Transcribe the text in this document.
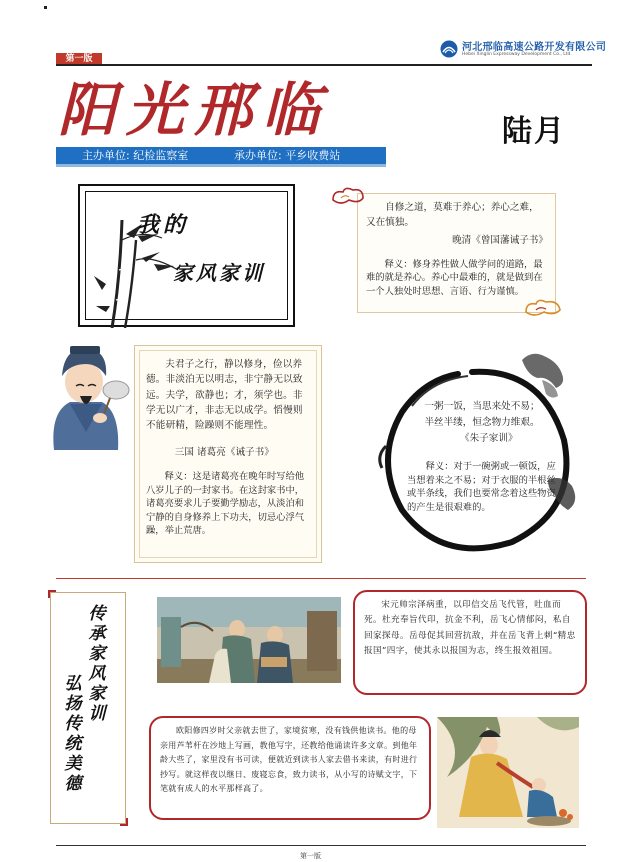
第一版
河北邢临高速公路开发有限公司
Hebei Xinglin Expressway Development Co., Ltd.
阳光邢临	陆月
主办单位: 纪检监察室	承办单位: 平乡收费站
我的
家风家训
自修之道，莫难于养心；养心之难，又在慎独。
晚清《曾国藩诫子书》
释义：修身养性做人做学问的道路，最难的就是养心。养心中最难的，就是做到在一个人独处时思想、言语、行为谨慎。
夫君子之行，静以修身，俭以养德。非淡泊无以明志，非宁静无以致远。夫学，欲静也；才，须学也。非学无以广才，非志无以成学。慆慢则不能研精，险躁则不能理性。
三国 诸葛亮《诫子书》
释义：这是诸葛亮在晚年时写给他八岁儿子的一封家书。在这封家书中，诸葛亮要求儿子要勤学励志，从淡泊和宁静的自身修养上下功夫，切忌心浮气躁，举止荒唐。
一粥一饭，当思来处不易；
半丝半缕，恒念物力维艰。
《朱子家训》
释义：对于一碗粥或一顿饭，应当想着来之不易；对于衣服的半根丝或半条线，我们也要常念着这些物资的产生是很艰难的。
传承家风家训
弘扬传统美德
宋元帅宗泽病重，以印信交岳飞代管，吐血而死。杜充奉旨代印，抗金不利，岳飞心情郁闷，私自回家探母。岳母促其回营抗敌，并在岳飞背上刺“精忠报国”四字，使其永以报国为志，终生报效祖国。
欧阳修四岁时父亲就去世了，家境贫寒，没有钱供他读书。他的母亲用芦苇杆在沙地上写画，教他写字，还教给他诵读许多文章。到他年龄大些了，家里没有书可读，便就近到读书人家去借书来读，有时进行抄写。就这样夜以继日、废寝忘食，致力读书，从小写的诗赋文字，下笔就有成人的水平那样高了。
第一版
